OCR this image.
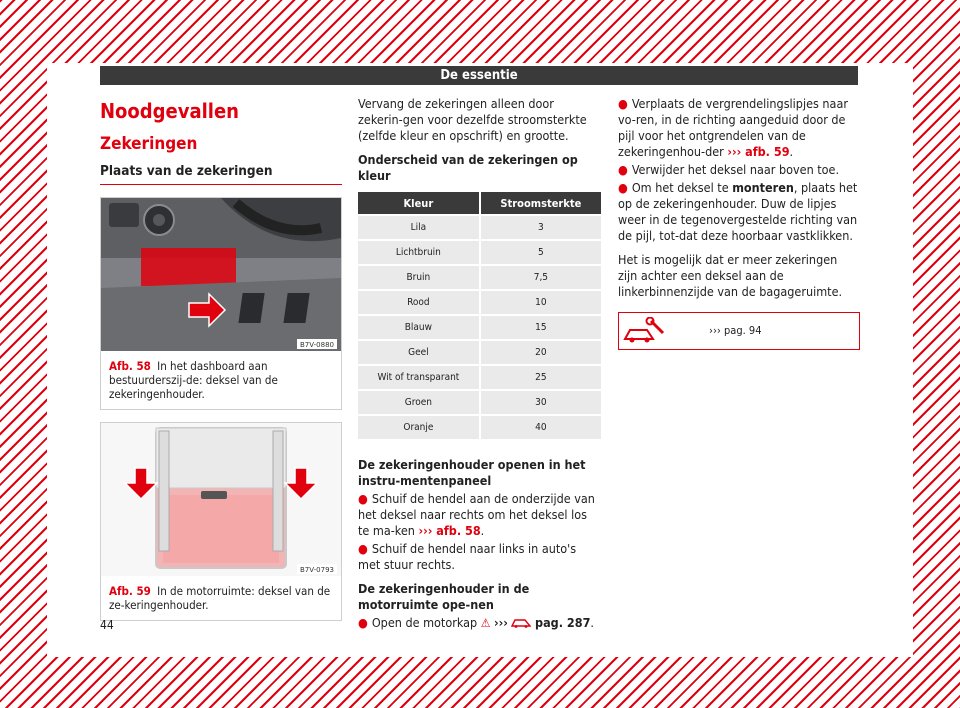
De essentie
Noodgevallen
Zekeringen
Plaats van de zekeringen
B7V-0880
Afb. 58 In het dashboard aan bestuurderszij-de: deksel van de zekeringenhouder.
B7V-0793
Afb. 59 In de motorruimte: deksel van de ze-keringenhouder.

Vervang de zekeringen alleen door zekerin-gen voor dezelfde stroomsterkte (zelfde kleur en opschrift) en grootte.

Onderscheid van de zekeringen op kleur

Kleur	Stroomsterkte
Lila	3
Lichtbruin	5
Bruin	7,5
Rood	10
Blauw	15
Geel	20
Wit of transparant	25
Groen	30
Oranje	40

De zekeringenhouder openen in het instru-mentenpaneel

● Schuif de hendel aan de onderzijde van het deksel naar rechts om het deksel los te ma-ken ››› afb. 58.

● Schuif de hendel naar links in auto's met stuur rechts.

De zekeringenhouder in de motorruimte ope-nen

● Open de motorkap ⚠ ››› pag. 287.

● Verplaats de vergrendelingslipjes naar vo-ren, in de richting aangeduid door de pijl voor het ontgrendelen van de zekeringenhou-der ››› afb. 59.

● Verwijder het deksel naar boven toe.

● Om het deksel te monteren, plaats het op de zekeringenhouder. Duw de lipjes weer in de tegenovergestelde richting van de pijl, tot-dat deze hoorbaar vastklikken.

Het is mogelijk dat er meer zekeringen zijn achter een deksel aan de linkerbinnenzijde van de bagageruimte.

››› pag. 94
44
